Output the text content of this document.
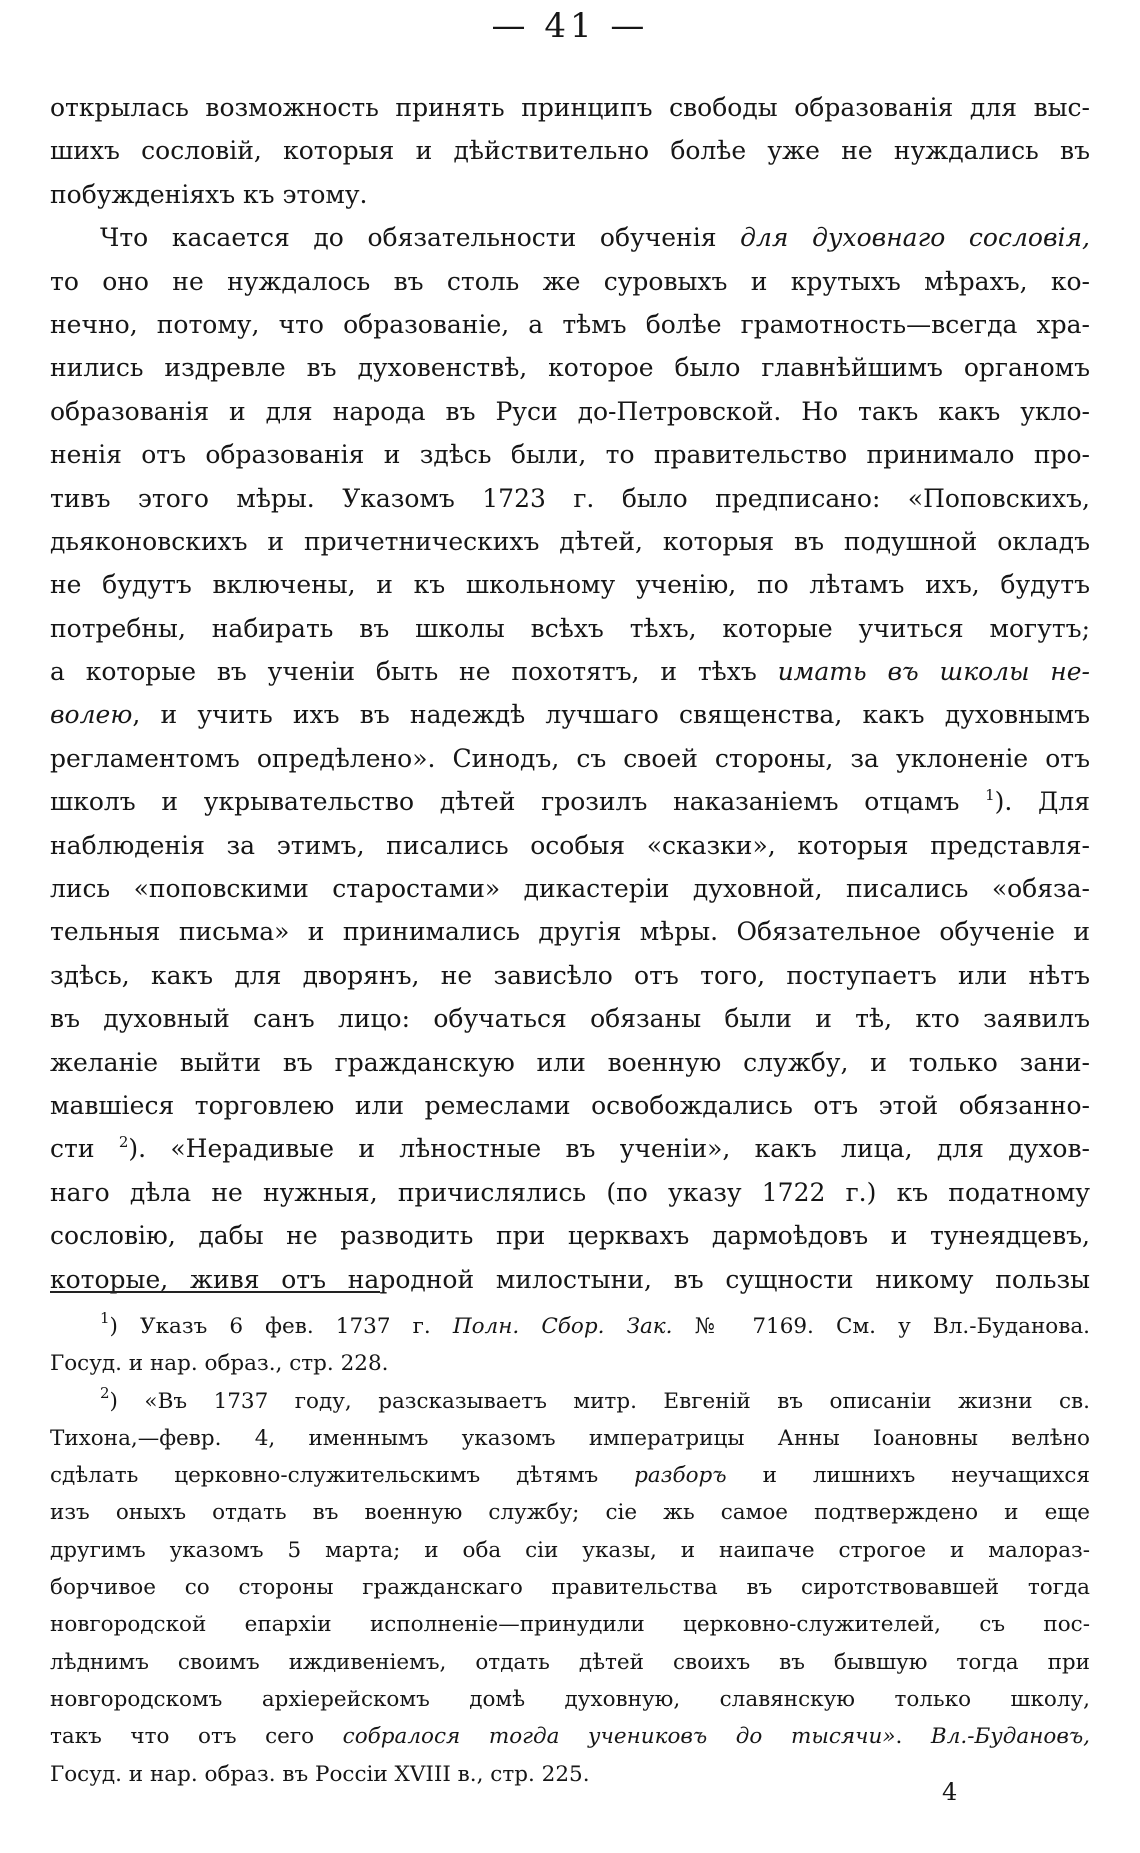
— 41 —
открылась возможность принять принципъ свободы образованія для выс-
шихъ сословій, которыя и дѣйствительно болѣе уже не нуждались въ
побужденіяхъ къ этому.
Что касается до обязательности обученія для духовнаго сословія,
то оно не нуждалось въ столь же суровыхъ и крутыхъ мѣрахъ, ко-
нечно, потому, что образованіе, а тѣмъ болѣе грамотность—всегда хра-
нились издревле въ духовенствѣ, которое было главнѣйшимъ органомъ
образованія и для народа въ Руси до-Петровской. Но такъ какъ укло-
ненія отъ образованія и здѣсь были, то правительство принимало про-
тивъ этого мѣры. Указомъ 1723 г. было предписано: «Поповскихъ,
дьяконовскихъ и причетническихъ дѣтей, которыя въ подушной окладъ
не будутъ включены, и къ школьному ученію, по лѣтамъ ихъ, будутъ
потребны, набирать въ школы всѣхъ тѣхъ, которые учиться могутъ;
а которые въ ученіи быть не похотятъ, и тѣхъ имать въ школы не-
волею, и учить ихъ въ надеждѣ лучшаго священства, какъ духовнымъ
регламентомъ опредѣлено». Синодъ, съ своей стороны, за уклоненіе отъ
школъ и укрывательство дѣтей грозилъ наказаніемъ отцамъ $^1$). Для
наблюденія за этимъ, писались особыя «сказки», которыя представля-
лись «поповскими старостами» дикастеріи духовной, писались «обяза-
тельныя письма» и принимались другія мѣры. Обязательное обученіе и
здѣсь, какъ для дворянъ, не зависѣло отъ того, поступаетъ или нѣтъ
въ духовный санъ лицо: обучаться обязаны были и тѣ, кто заявилъ
желаніе выйти въ гражданскую или военную службу, и только зани-
мавшіеся торговлею или ремеслами освобождались отъ этой обязанно-
сти $^2$). «Нерадивые и лѣностные въ ученіи», какъ лица, для духов-
наго дѣла не нужныя, причислялись (по указу 1722 г.) къ податному
сословію, дабы не разводить при церквахъ дармоѣдовъ и тунеядцевъ,
которые, живя отъ народной милостыни, въ сущности никому пользы
$^1$) Указъ 6 фев. 1737 г. Полн. Сбор. Зак. № 7169. См. у Вл.-Буданова.
Госуд. и нар. образ., стр. 228.
$^2$) «Въ 1737 году, разсказываетъ митр. Евгеній въ описаніи жизни св.
Тихона,—февр. 4, именнымъ указомъ императрицы Анны Іоановны велѣно
сдѣлать церковно-служительскимъ дѣтямъ разборъ и лишнихъ неучащихся
изъ оныхъ отдать въ военную службу; сіе жь самое подтверждено и еще
другимъ указомъ 5 марта; и оба сіи указы, и наипаче строгое и малораз-
борчивое со стороны гражданскаго правительства въ сиротствовавшей тогда
новгородской епархіи исполненіе—принудили церковно-служителей, съ пос-
лѣднимъ своимъ иждивеніемъ, отдать дѣтей своихъ въ бывшую тогда при
новгородскомъ архіерейскомъ домѣ духовную, славянскую только школу,
такъ что отъ сего собралося тогда учениковъ до тысячи». Вл.-Будановъ,
Госуд. и нар. образ. въ Россіи XVIII в., стр. 225.
4
